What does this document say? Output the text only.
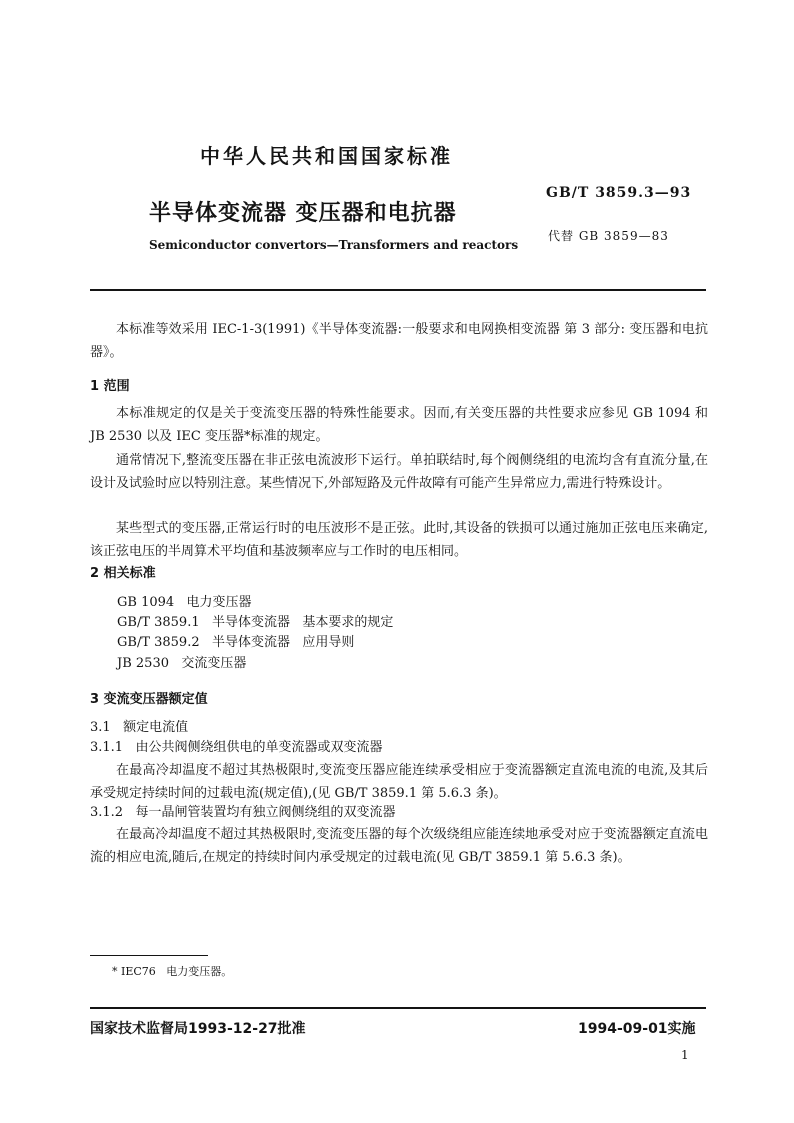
中华人民共和国国家标准
半导体变流器 变压器和电抗器
GB/T 3859.3—93
代替 GB 3859—83
Semiconductor convertors—Transformers and reactors
本标准等效采用 IEC-1-3(1991)《半导体变流器:一般要求和电网换相变流器 第 3 部分: 变压器和电抗器》。
1 范围
本标准规定的仅是关于变流变压器的特殊性能要求。因而,有关变压器的共性要求应参见 GB 1094 和 JB 2530 以及 IEC 变压器*标准的规定。
通常情况下,整流变压器在非正弦电流波形下运行。单拍联结时,每个阀侧绕组的电流均含有直流分量,在设计及试验时应以特别注意。某些情况下,外部短路及元件故障有可能产生异常应力,需进行特殊设计。
某些型式的变压器,正常运行时的电压波形不是正弦。此时,其设备的铁损可以通过施加正弦电压来确定,该正弦电压的半周算术平均值和基波频率应与工作时的电压相同。
2 相关标准
GB 1094   电力变压器
GB/T 3859.1   半导体变流器   基本要求的规定
GB/T 3859.2   半导体变流器   应用导则
JB 2530   交流变压器
3 变流变压器额定值
3.1   额定电流值
3.1.1   由公共阀侧绕组供电的单变流器或双变流器
在最高冷却温度不超过其热极限时,变流变压器应能连续承受相应于变流器额定直流电流的电流,及其后承受规定持续时间的过载电流(规定值),(见 GB/T 3859.1 第 5.6.3 条)。
3.1.2   每一晶闸管装置均有独立阀侧绕组的双变流器
在最高冷却温度不超过其热极限时,变流变压器的每个次级绕组应能连续地承受对应于变流器额定直流电流的相应电流,随后,在规定的持续时间内承受规定的过载电流(见 GB/T 3859.1 第 5.6.3 条)。
* IEC76   电力变压器。
国家技术监督局1993-12-27批准	1994-09-01实施
1
